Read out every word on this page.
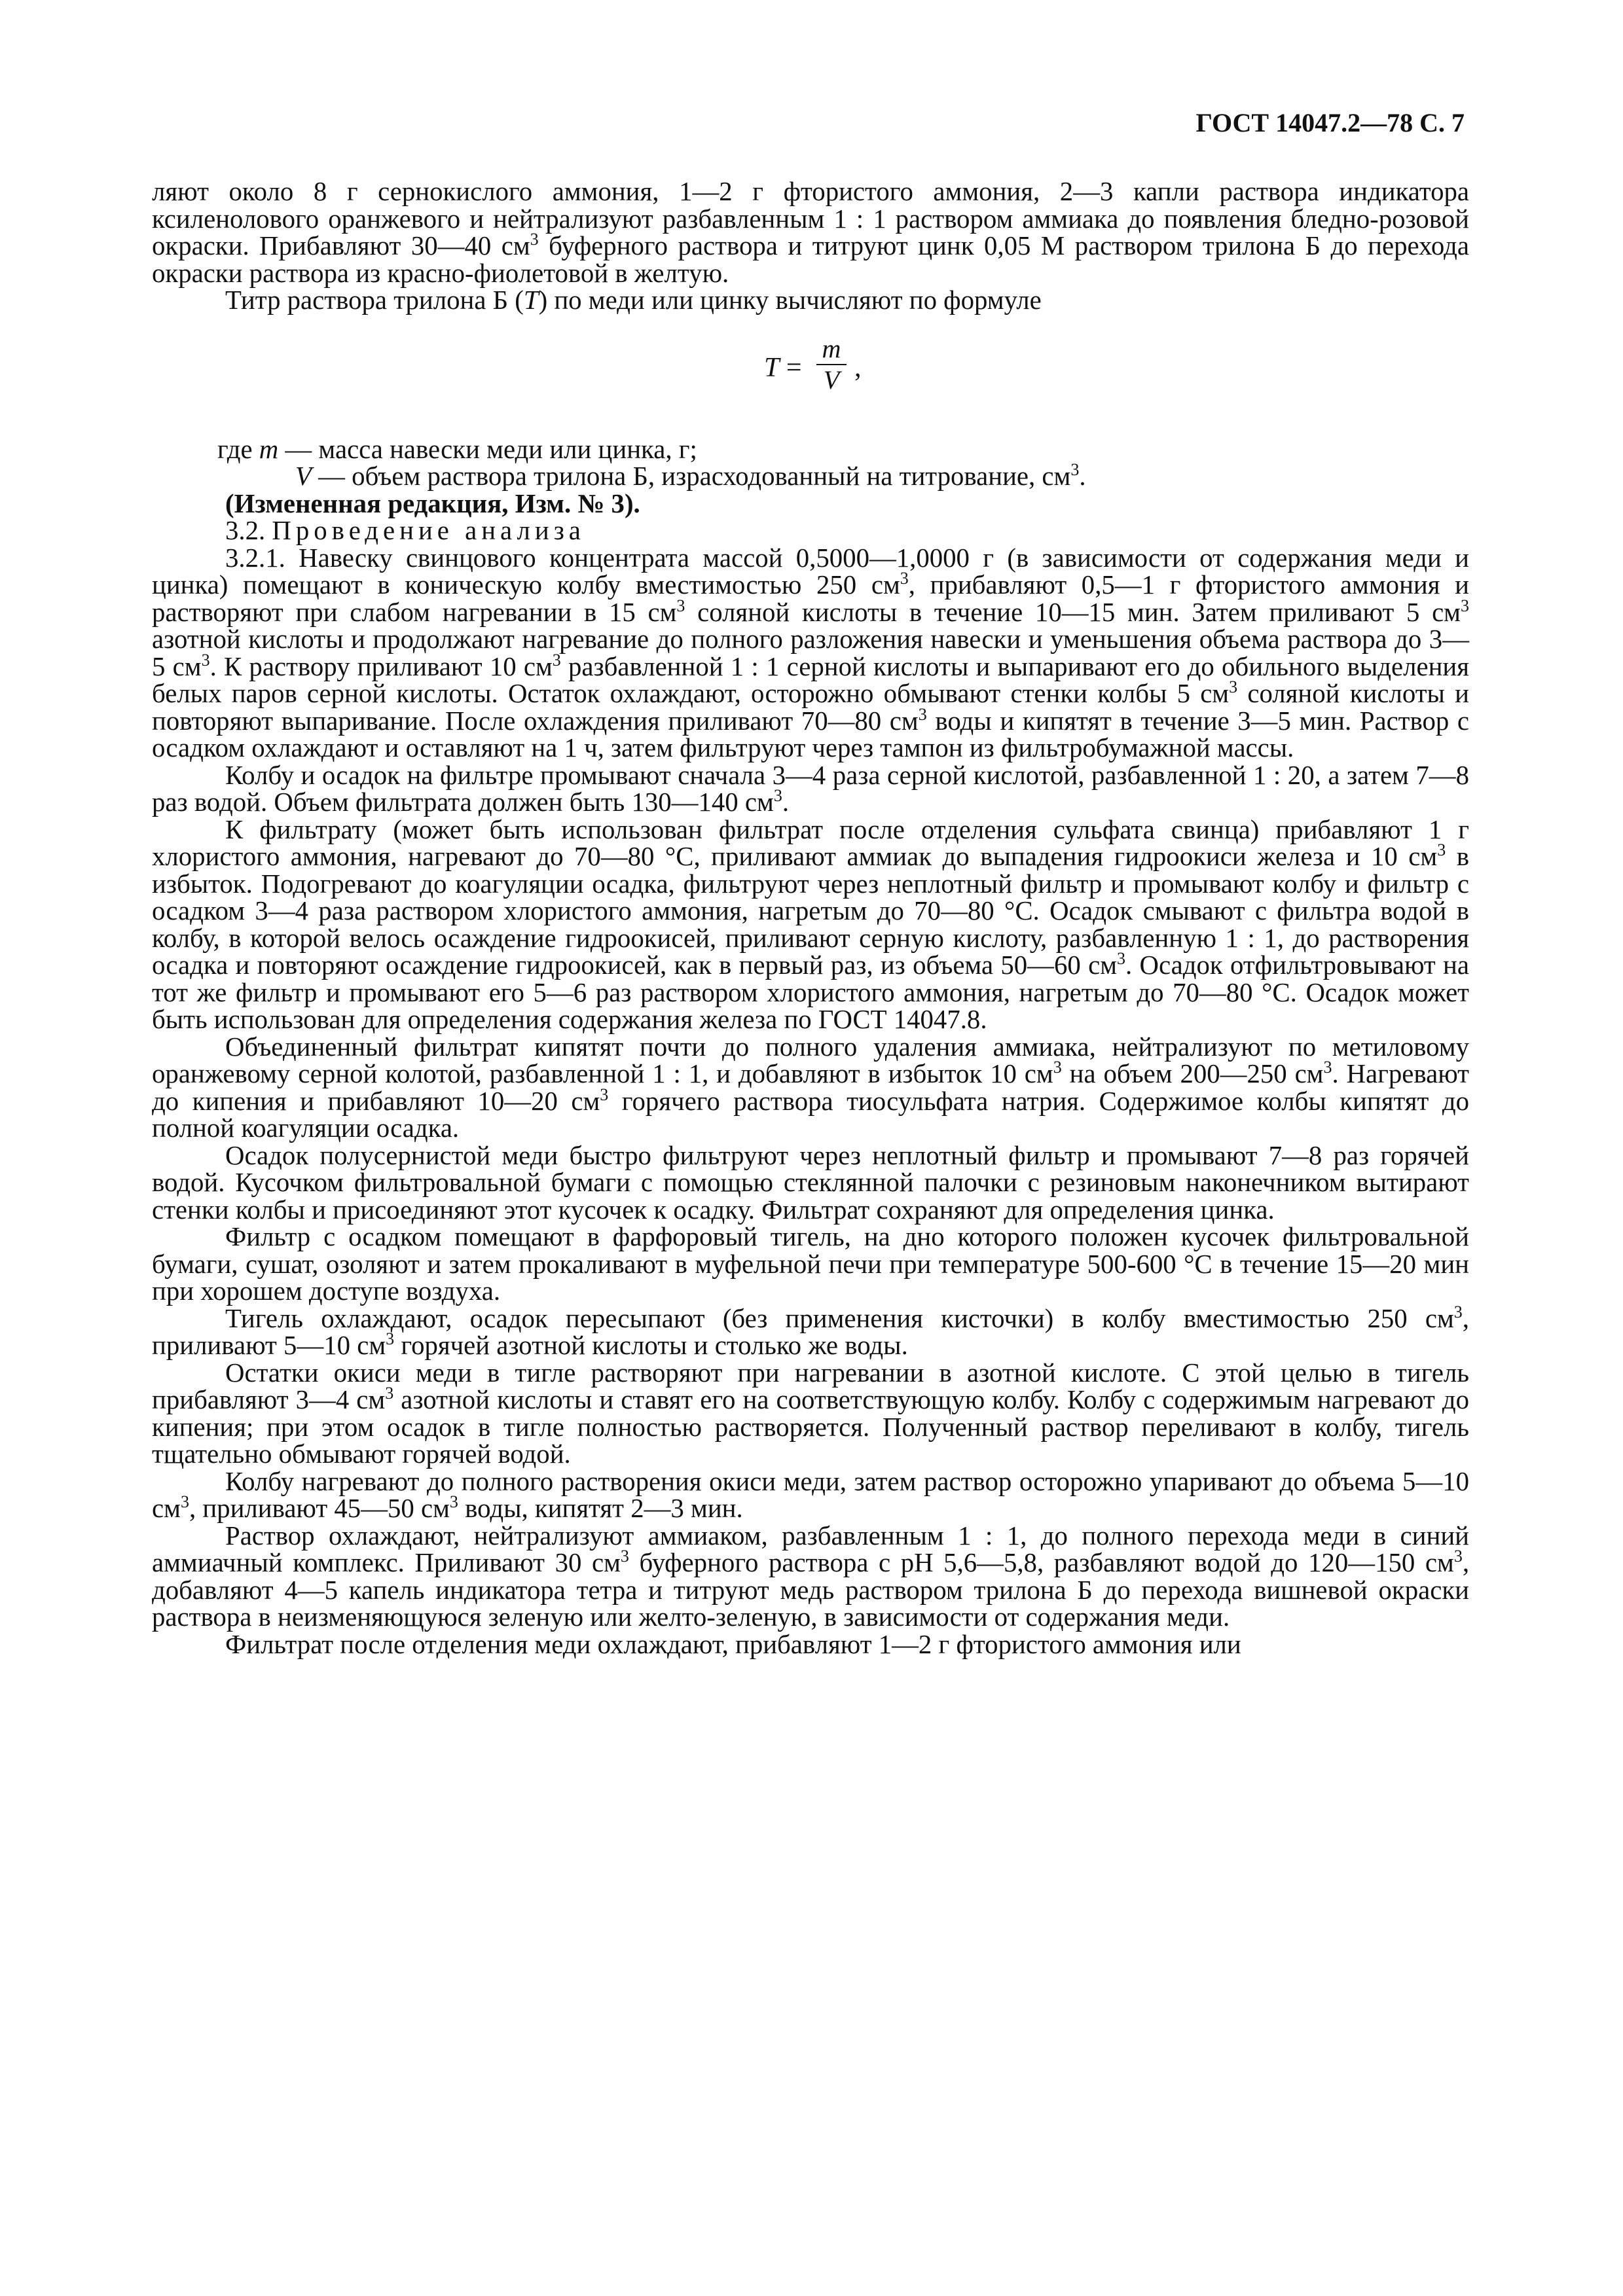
ГОСТ 14047.2—78 С. 7

ляют около 8 г сернокислого аммония, 1—2 г фтористого аммония, 2—3 капли раствора индикатора ксиленолового оранжевого и нейтрализуют разбавленным 1 : 1 раствором аммиака до появления бледно-розовой окраски. Прибавляют 30—40 $см^3$ буферного раствора и титруют цинк 0,05 М раствором трилона Б до перехода окраски раствора из красно-фиолетовой в желтую.

Титр раствора трилона Б (T) по меди или цинку вычисляют по формуле

$T = \frac{m}{V}$ ,

где m — масса навески меди или цинка, г;

V — объем раствора трилона Б, израсходованный на титрование, $см^3$.

(Измененная редакция, Изм. № 3).

3.2. Проведение анализа

3.2.1. Навеску свинцового концентрата массой 0,5000—1,0000 г (в зависимости от содержания меди и цинка) помещают в коническую колбу вместимостью 250 $см^3$, прибавляют 0,5—1 г фтористого аммония и растворяют при слабом нагревании в 15 $см^3$ соляной кислоты в течение 10—15 мин. Затем приливают 5 $см^3$ азотной кислоты и продолжают нагревание до полного разложения навески и уменьшения объема раствора до 3—5 $см^3$. К раствору приливают 10 $см^3$ разбавленной 1 : 1 серной кислоты и выпаривают его до обильного выделения белых паров серной кислоты. Остаток охлаждают, осторожно обмывают стенки колбы 5 $см^3$ соляной кислоты и повторяют выпаривание. После охлаждения приливают 70—80 $см^3$ воды и кипятят в течение 3—5 мин. Раствор с осадком охлаждают и оставляют на 1 ч, затем фильтруют через тампон из фильтробумажной массы.

Колбу и осадок на фильтре промывают сначала 3—4 раза серной кислотой, разбавленной 1 : 20, а затем 7—8 раз водой. Объем фильтрата должен быть 130—140 $см^3$.

К фильтрату (может быть использован фильтрат после отделения сульфата свинца) прибавляют 1 г хлористого аммония, нагревают до 70—80 °С, приливают аммиак до выпадения гидроокиси железа и 10 $см^3$ в избыток. Подогревают до коагуляции осадка, фильтруют через неплотный фильтр и промывают колбу и фильтр с осадком 3—4 раза раствором хлористого аммония, нагретым до 70—80 °С. Осадок смывают с фильтра водой в колбу, в которой велось осаждение гидроокисей, приливают серную кислоту, разбавленную 1 : 1, до растворения осадка и повторяют осаждение гидроокисей, как в первый раз, из объема 50—60 $см^3$. Осадок отфильтровывают на тот же фильтр и промывают его 5—6 раз раствором хлористого аммония, нагретым до 70—80 °С. Осадок может быть использован для определения содержания железа по ГОСТ 14047.8.

Объединенный фильтрат кипятят почти до полного удаления аммиака, нейтрализуют по метиловому оранжевому серной колотой, разбавленной 1 : 1, и добавляют в избыток 10 $см^3$ на объем 200—250 $см^3$. Нагревают до кипения и прибавляют 10—20 $см^3$ горячего раствора тиосульфата натрия. Содержимое колбы кипятят до полной коагуляции осадка.

Осадок полусернистой меди быстро фильтруют через неплотный фильтр и промывают 7—8 раз горячей водой. Кусочком фильтровальной бумаги с помощью стеклянной палочки с резиновым наконечником вытирают стенки колбы и присоединяют этот кусочек к осадку. Фильтрат сохраняют для определения цинка.

Фильтр с осадком помещают в фарфоровый тигель, на дно которого положен кусочек фильтровальной бумаги, сушат, озоляют и затем прокаливают в муфельной печи при температуре 500-600 °С в течение 15—20 мин при хорошем доступе воздуха.

Тигель охлаждают, осадок пересыпают (без применения кисточки) в колбу вместимостью 250 $см^3$, приливают 5—10 $см^3$ горячей азотной кислоты и столько же воды.

Остатки окиси меди в тигле растворяют при нагревании в азотной кислоте. С этой целью в тигель прибавляют 3—4 $см^3$ азотной кислоты и ставят его на соответствующую колбу. Колбу с содержимым нагревают до кипения; при этом осадок в тигле полностью растворяется. Полученный раствор переливают в колбу, тигель тщательно обмывают горячей водой.

Колбу нагревают до полного растворения окиси меди, затем раствор осторожно упаривают до объема 5—10 $см^3$, приливают 45—50 $см^3$ воды, кипятят 2—3 мин.

Раствор охлаждают, нейтрализуют аммиаком, разбавленным 1 : 1, до полного перехода меди в синий аммиачный комплекс. Приливают 30 $см^3$ буферного раствора с рН 5,6—5,8, разбавляют водой до 120—150 $см^3$, добавляют 4—5 капель индикатора тетра и титруют медь раствором трилона Б до перехода вишневой окраски раствора в неизменяющуюся зеленую или желто-зеленую, в зависимости от содержания меди.

Фильтрат после отделения меди охлаждают, прибавляют 1—2 г фтористого аммония или
